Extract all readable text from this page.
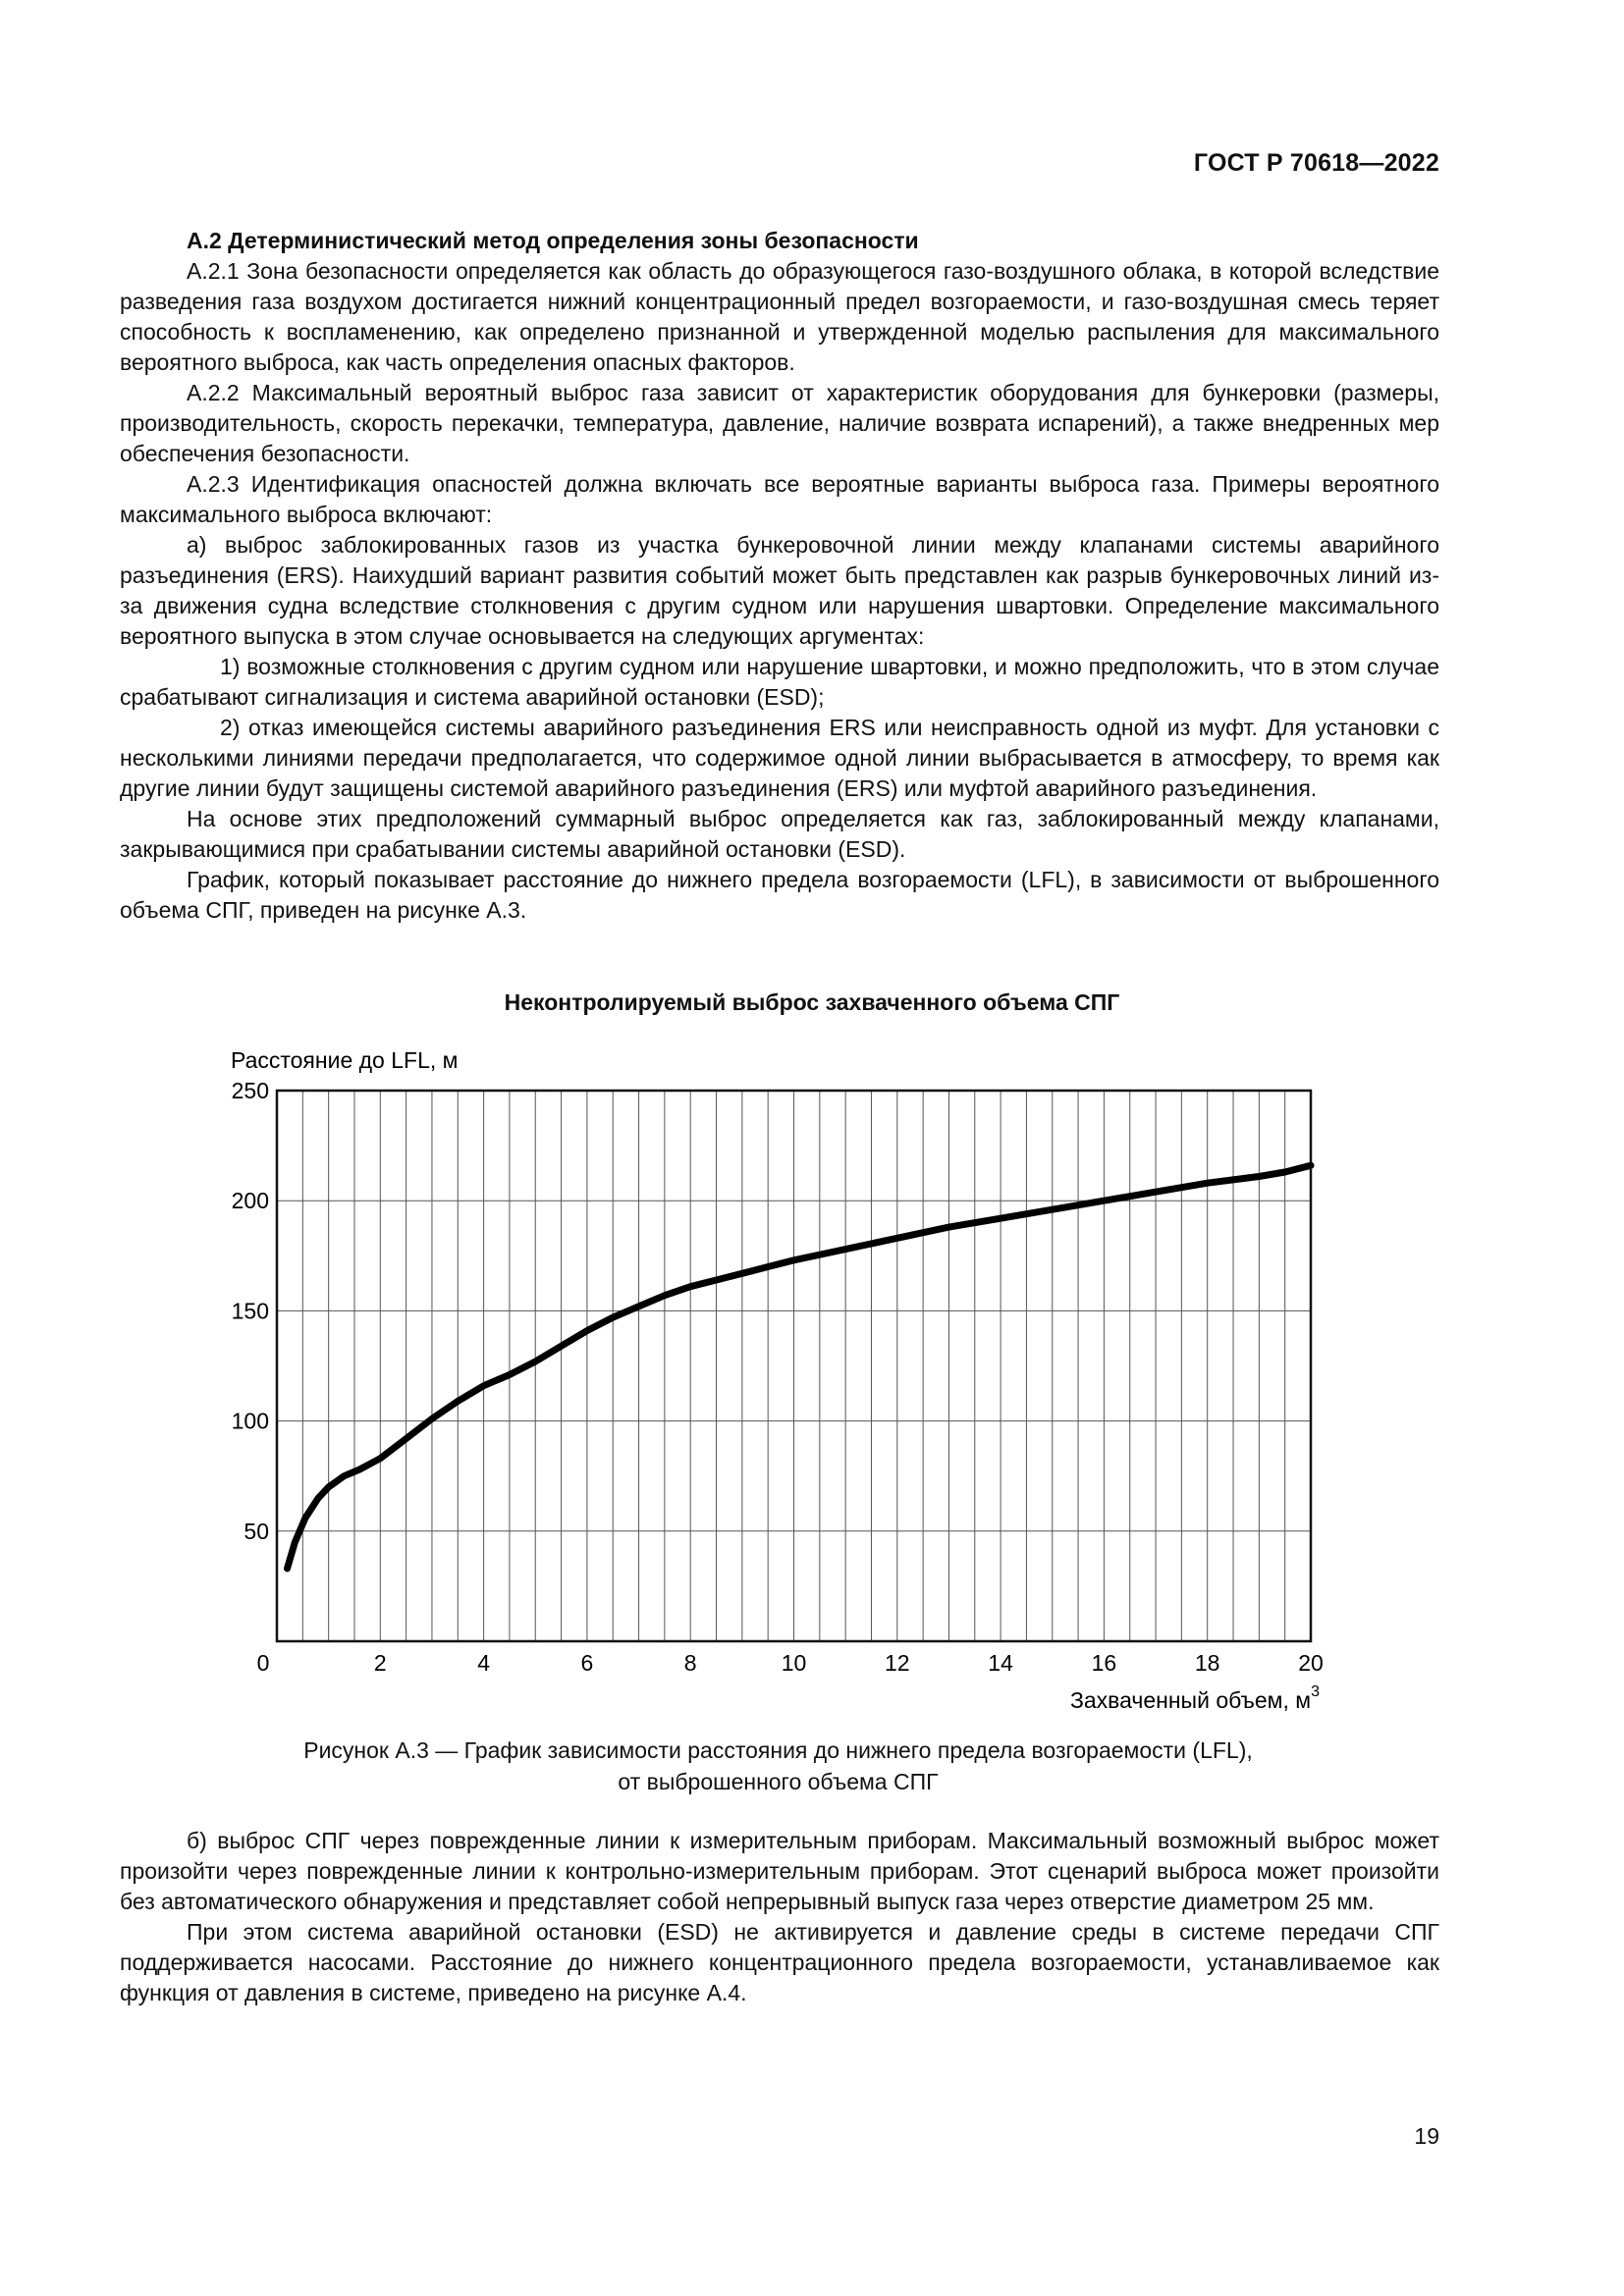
ГОСТ Р 70618—2022

А.2 Детерминистический метод определения зоны безопасности

А.2.1 Зона безопасности определяется как область до образующегося газо-воздушного облака, в которой вследствие разведения газа воздухом достигается нижний концентрационный предел возгораемости, и газо-воздушная смесь теряет способность к воспламенению, как определено признанной и утвержденной моделью распыления для максимального вероятного выброса, как часть определения опасных факторов.

А.2.2 Максимальный вероятный выброс газа зависит от характеристик оборудования для бункеровки (размеры, производительность, скорость перекачки, температура, давление, наличие возврата испарений), а также внедренных мер обеспечения безопасности.

А.2.3 Идентификация опасностей должна включать все вероятные варианты выброса газа. Примеры вероятного максимального выброса включают:

а) выброс заблокированных газов из участка бункеровочной линии между клапанами системы аварийного разъединения (ERS). Наихудший вариант развития событий может быть представлен как разрыв бункеровочных линий из-за движения судна вследствие столкновения с другим судном или нарушения швартовки. Определение максимального вероятного выпуска в этом случае основывается на следующих аргументах:

1) возможные столкновения с другим судном или нарушение швартовки, и можно предположить, что в этом случае срабатывают сигнализация и система аварийной остановки (ESD);

2) отказ имеющейся системы аварийного разъединения ERS или неисправность одной из муфт. Для установки с несколькими линиями передачи предполагается, что содержимое одной линии выбрасывается в атмосферу, то время как другие линии будут защищены системой аварийного разъединения (ERS) или муфтой аварийного разъединения.

На основе этих предположений суммарный выброс определяется как газ, заблокированный между клапанами, закрывающимися при срабатывании системы аварийной остановки (ESD).

График, который показывает расстояние до нижнего предела возгораемости (LFL), в зависимости от выброшенного объема СПГ, приведен на рисунке А.3.

Неконтролируемый выброс захваченного объема СПГ
50
100
150
200
250
0	2	4	6	8	10	12	14	16	18	20
Расстояние до LFL, м
Захваченный объем, $м^3$
Рисунок А.3 — График зависимости расстояния до нижнего предела возгораемости (LFL),
от выброшенного объема СПГ

б) выброс СПГ через поврежденные линии к измерительным приборам. Максимальный возможный выброс может произойти через поврежденные линии к контрольно-измерительным приборам. Этот сценарий выброса может произойти без автоматического обнаружения и представляет собой непрерывный выпуск газа через отверстие диаметром 25 мм.

При этом система аварийной остановки (ESD) не активируется и давление среды в системе передачи СПГ поддерживается насосами. Расстояние до нижнего концентрационного предела возгораемости, устанавливаемое как функция от давления в системе, приведено на рисунке А.4.

19
